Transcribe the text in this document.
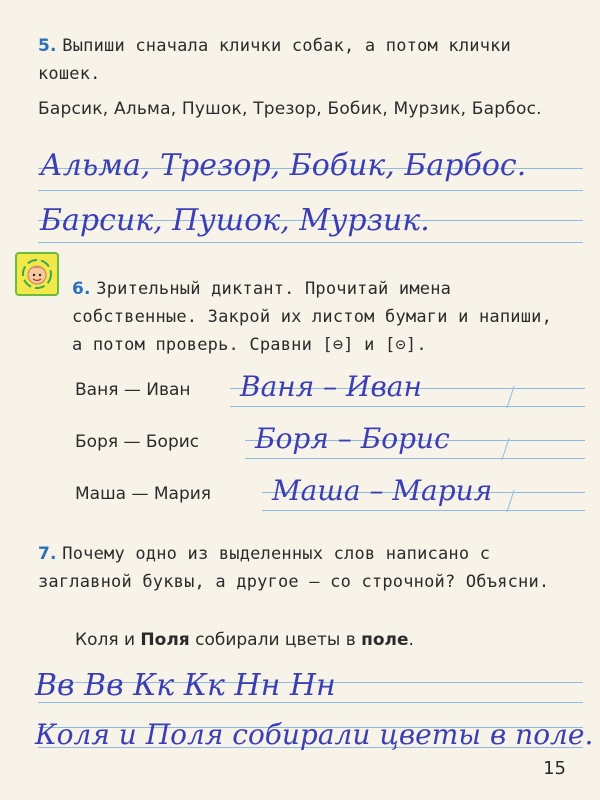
5. Выпиши сначала клички собак, а потом клички кошек.
Барсик, Альма, Пушок, Трезор, Бобик, Мурзик, Барбос.
Альма, Трезор, Бобик, Барбос.
Барсик, Пушок, Мурзик.
6. Зрительный диктант. Прочитай имена собственные. Закрой их листом бумаги и напиши, а потом проверь. Сравни [⊖] и [⊝].
Ваня — Иван Ваня – Иван
Боря — Борис Боря – Борис
Маша — Мария Маша – Мария
7. Почему одно из выделенных слов написано с заглавной буквы, а другое — со строчной? Объясни.
Коля и Поля собирали цветы в поле.
Вв Вв Кк Кк Нн Нн
Коля и Поля собирали цветы в поле.
15
